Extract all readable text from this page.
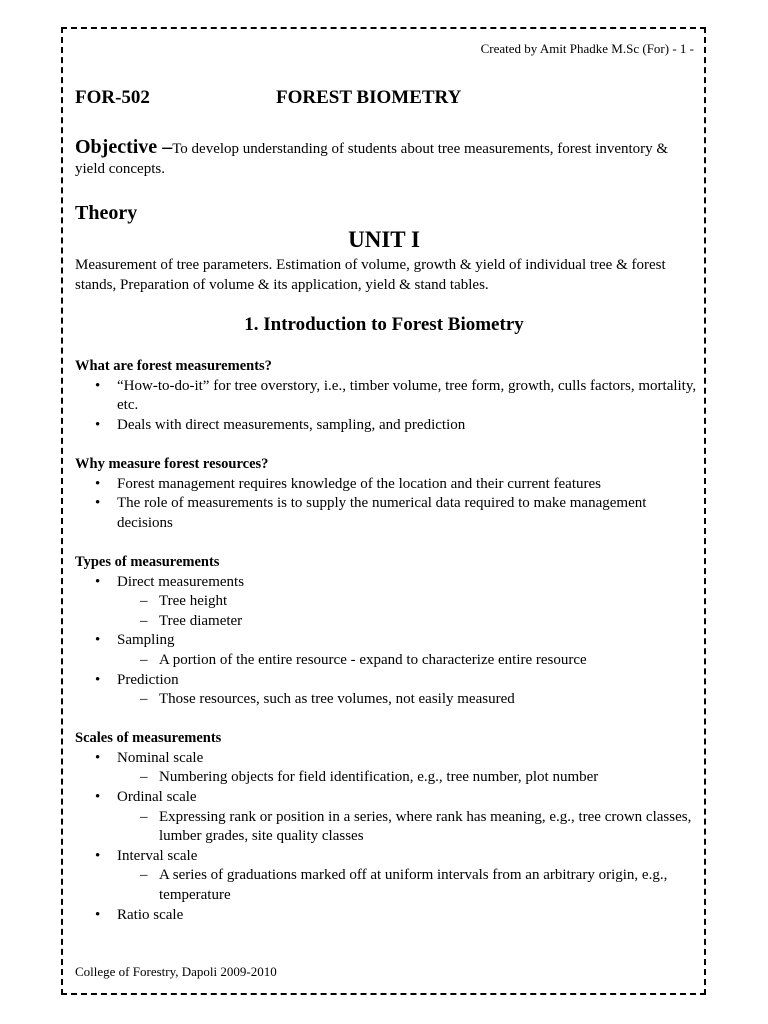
Created by Amit Phadke M.Sc (For) - 1 -
FOR-502	FOREST BIOMETRY
Objective –To develop understanding of students about tree measurements, forest inventory & yield concepts.
Theory
UNIT I
Measurement of tree parameters. Estimation of volume, growth & yield of individual tree & forest stands, Preparation of volume & its application, yield & stand tables.
1. Introduction to Forest Biometry
What are forest measurements?
• “How-to-do-it” for tree overstory, i.e., timber volume, tree form, growth, culls factors, mortality, etc.
• Deals with direct measurements, sampling, and prediction
Why measure forest resources?
• Forest management requires knowledge of the location and their current features
• The role of measurements is to supply the numerical data required to make management decisions
Types of measurements
• Direct measurements
– Tree height
– Tree diameter
• Sampling
– A portion of the entire resource - expand to characterize entire resource
• Prediction
– Those resources, such as tree volumes, not easily measured
Scales of measurements
• Nominal scale
– Numbering objects for field identification, e.g., tree number, plot number
• Ordinal scale
– Expressing rank or position in a series, where rank has meaning, e.g., tree crown classes, lumber grades, site quality classes
• Interval scale
– A series of graduations marked off at uniform intervals from an arbitrary origin, e.g., temperature
• Ratio scale
College of Forestry, Dapoli 2009-2010
